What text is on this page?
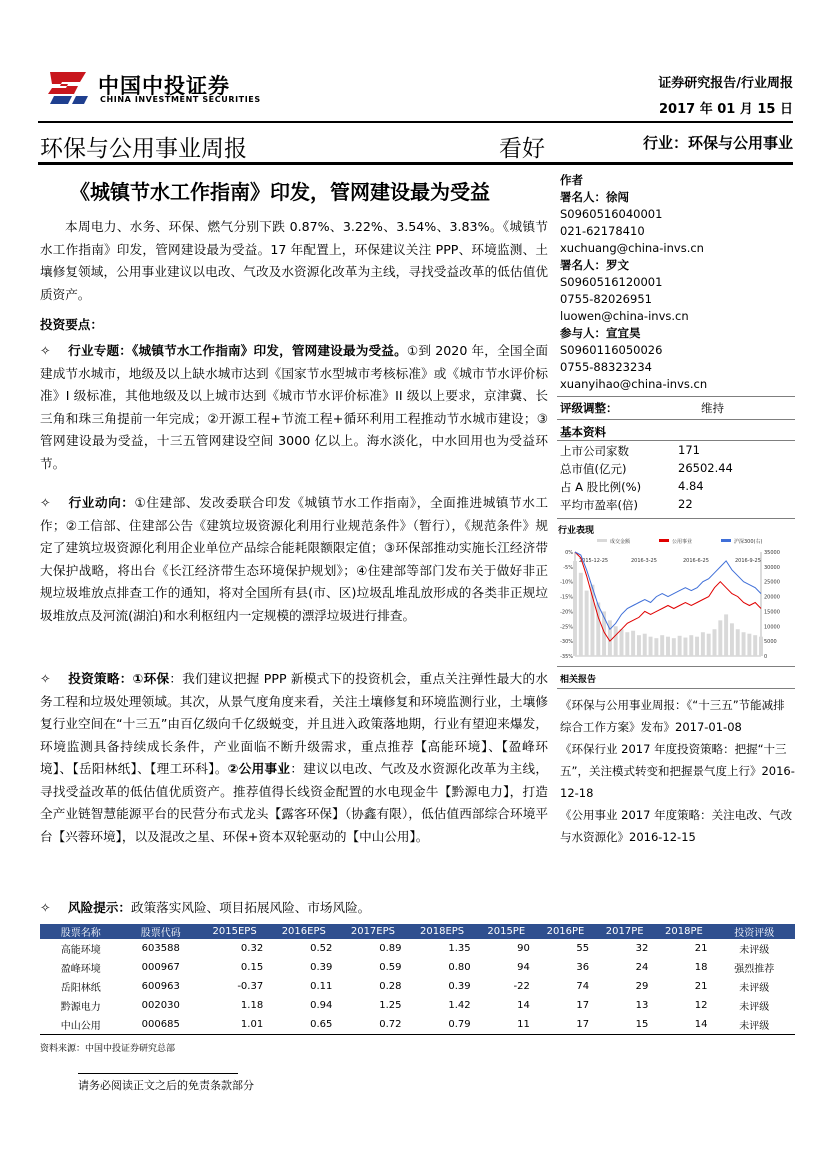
中国中投证券
CHINA INVESTMENT SECURITIES
证券研究报告/行业周报
2017 年 01 月 15 日
环保与公用事业周报	看好	行业：环保与公用事业
《城镇节水工作指南》印发，管网建设最为受益

本周电力、水务、环保、燃气分别下跌 0.87%、3.22%、3.54%、3.83%。《城镇节水工作指南》印发，管网建设最为受益。17 年配置上，环保建议关注 PPP、环境监测、土壤修复领域，公用事业建议以电改、气改及水资源化改革为主线，寻找受益改革的低估值优质资产。

投资要点：

✧ 行业专题：《城镇节水工作指南》印发，管网建设最为受益。①到 2020 年，全国全面建成节水城市，地级及以上缺水城市达到《国家节水型城市考核标准》或《城市节水评价标准》I 级标准，其他地级及以上城市达到《城市节水评价标准》II 级以上要求，京津冀、长三角和珠三角提前一年完成；②开源工程+节流工程+循环利用工程推动节水城市建设；③管网建设最为受益，十三五管网建设空间 3000 亿以上。海水淡化，中水回用也为受益环节。

✧ 行业动向：①住建部、发改委联合印发《城镇节水工作指南》，全面推进城镇节水工作；②工信部、住建部公告《建筑垃圾资源化利用行业规范条件》（暂行），《规范条件》规定了建筑垃圾资源化利用企业单位产品综合能耗限额限定值；③环保部推动实施长江经济带大保护战略，将出台《长江经济带生态环境保护规划》；④住建部等部门发布关于做好非正规垃圾堆放点排查工作的通知，将对全国所有县(市、区)垃圾乱堆乱放形成的各类非正规垃圾堆放点及河流(湖泊)和水利枢纽内一定规模的漂浮垃圾进行排查。

✧ 投资策略：①环保：我们建议把握 PPP 新模式下的投资机会，重点关注弹性最大的水务工程和垃圾处理领域。其次，从景气度角度来看，关注土壤修复和环境监测行业，土壤修复行业空间在“十三五”由百亿级向千亿级蜕变，并且进入政策落地期，行业有望迎来爆发，环境监测具备持续成长条件，产业面临不断升级需求，重点推荐【高能环境】、【盈峰环境】、【岳阳林纸】、【理工环科】。②公用事业：建议以电改、气改及水资源化改革为主线，寻找受益改革的低估值优质资产。推荐值得长线资金配置的水电现金牛【黔源电力】，打造全产业链智慧能源平台的民营分布式龙头【露客环保】（协鑫有限），低估值西部综合环境平台【兴蓉环境】，以及混改之星、环保+资本双轮驱动的【中山公用】。

✧ 风险提示：政策落实风险、项目拓展风险、市场风险。
作者
署名人：徐闯
S0960516040001
021-62178410
xuchuang@china-invs.cn
署名人：罗文
S0960516120001
0755-82026951
luowen@china-invs.cn
参与人：宣宜昊
S0960116050026
0755-88323234
xuanyihao@china-invs.cn
评级调整：	维持
基本资料
上市公司家数	171
总市值(亿元)	26502.44
占 A 股比例(%)	4.84
平均市盈率(倍)	22
行业表现
0%
-5%
-10%
-15%
-20%
-25%
-30%
-35%
35000
30000
25000
20000
15000
10000
5000
0
2015-12-25	2016-3-25	2016-6-25	2016-9-25
成交金额	公用事业	沪深300(右)
相关报告
《环保与公用事业周报：《“十三五”节能减排综合工作方案》发布》2017-01-08
《环保行业 2017 年度投资策略：把握“十三五”，关注模式转变和把握景气度上行》2016-12-18
《公用事业 2017 年度策略：关注电改、气改与水资源化》2016-12-15
股票名称	股票代码	2015EPS	2016EPS	2017EPS	2018EPS	2015PE	2016PE	2017PE	2018PE	投资评级
高能环境	603588	0.32	0.52	0.89	1.35	90	55	32	21	未评级
盈峰环境	000967	0.15	0.39	0.59	0.80	94	36	24	18	强烈推荐
岳阳林纸	600963	-0.37	0.11	0.28	0.39	-22	74	29	21	未评级
黔源电力	002030	1.18	0.94	1.25	1.42	14	17	13	12	未评级
中山公用	000685	1.01	0.65	0.72	0.79	11	17	15	14	未评级
资料来源：中国中投证券研究总部
请务必阅读正文之后的免责条款部分
